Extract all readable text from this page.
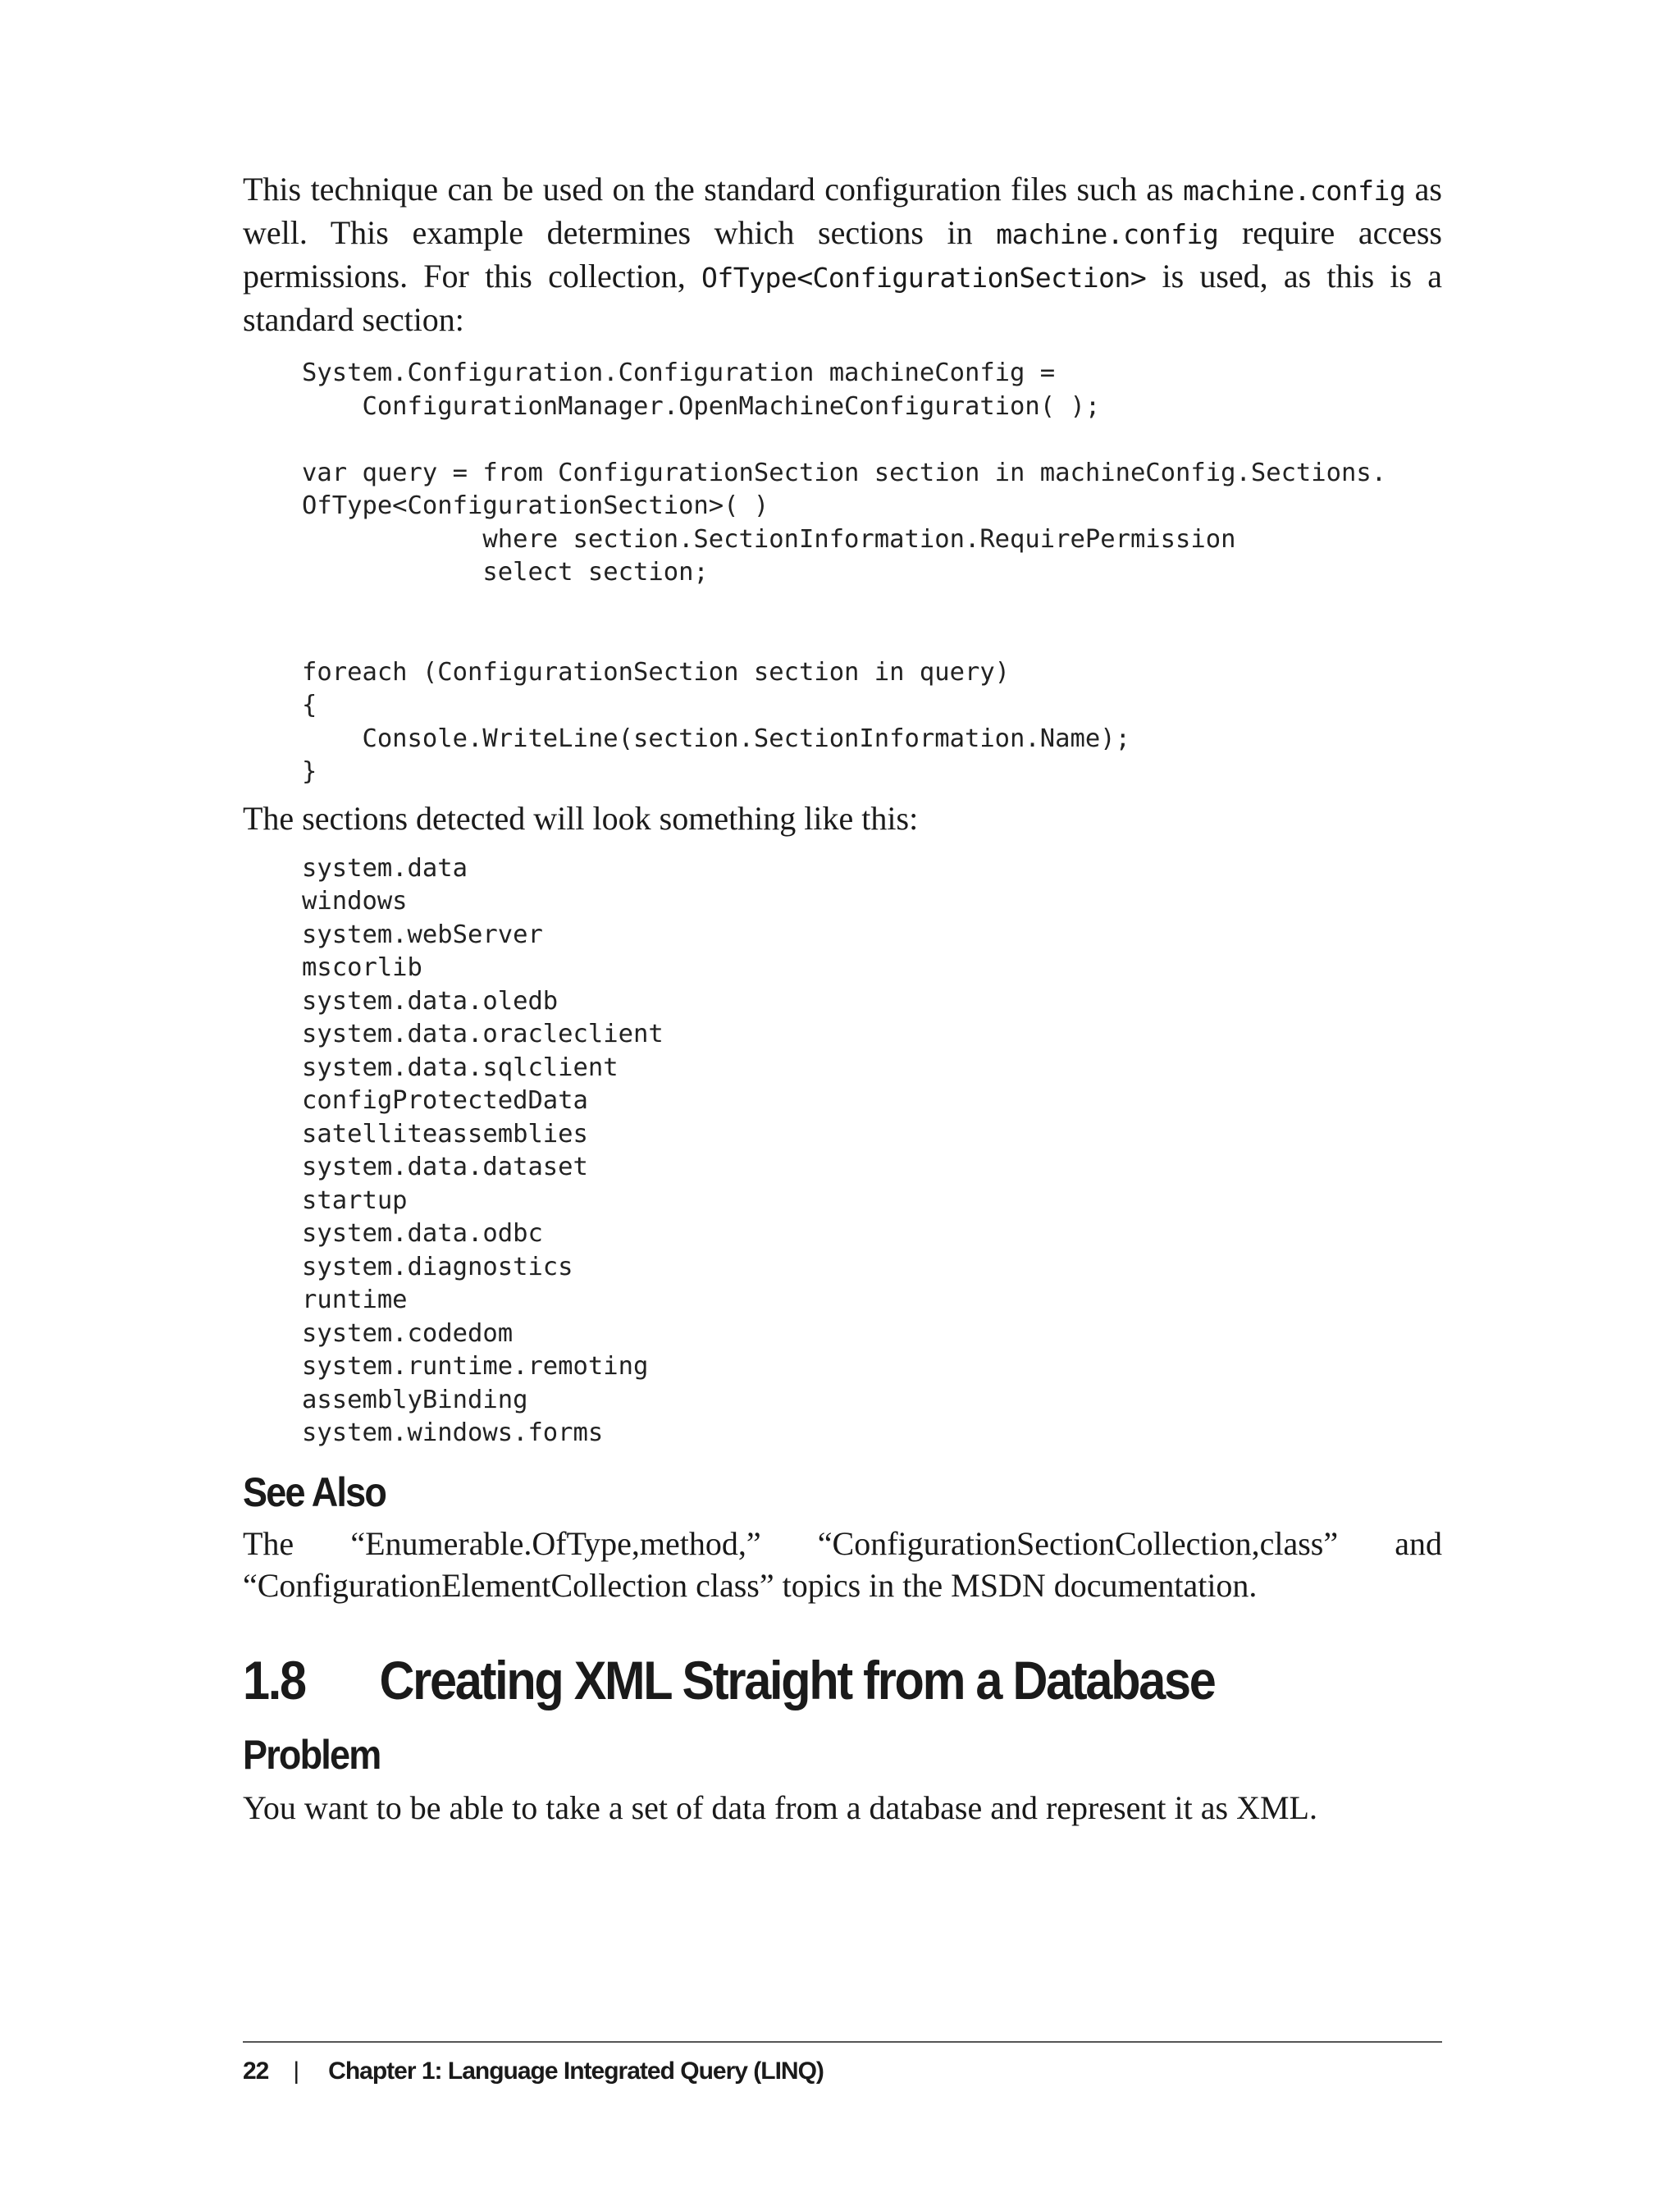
This technique can be used on the standard configuration files such as machine.config as well. This example determines which sections in machine.config require access permissions. For this collection, OfType<ConfigurationSection> is used, as this is a standard section:

System.Configuration.Configuration machineConfig =
ConfigurationManager.OpenMachineConfiguration( );

var query = from ConfigurationSection section in machineConfig.Sections.
OfType<ConfigurationSection>( )
where section.SectionInformation.RequirePermission
select section;

foreach (ConfigurationSection section in query)
{
Console.WriteLine(section.SectionInformation.Name);
}

The sections detected will look something like this:

system.data
windows
system.webServer
mscorlib
system.data.oledb
system.data.oracleclient
system.data.sqlclient
configProtectedData
satelliteassemblies
system.data.dataset
startup
system.data.odbc
system.diagnostics
runtime
system.codedom
system.runtime.remoting
assemblyBinding
system.windows.forms
See Also

The “Enumerable.OfType,method,” “ConfigurationSectionCollection,class” and “ConfigurationElementCollection class” topics in the MSDN documentation.

1.8 Creating XML Straight from a Database
Problem

You want to be able to take a set of data from a database and represent it as XML.

22 | Chapter 1: Language Integrated Query (LINQ)
